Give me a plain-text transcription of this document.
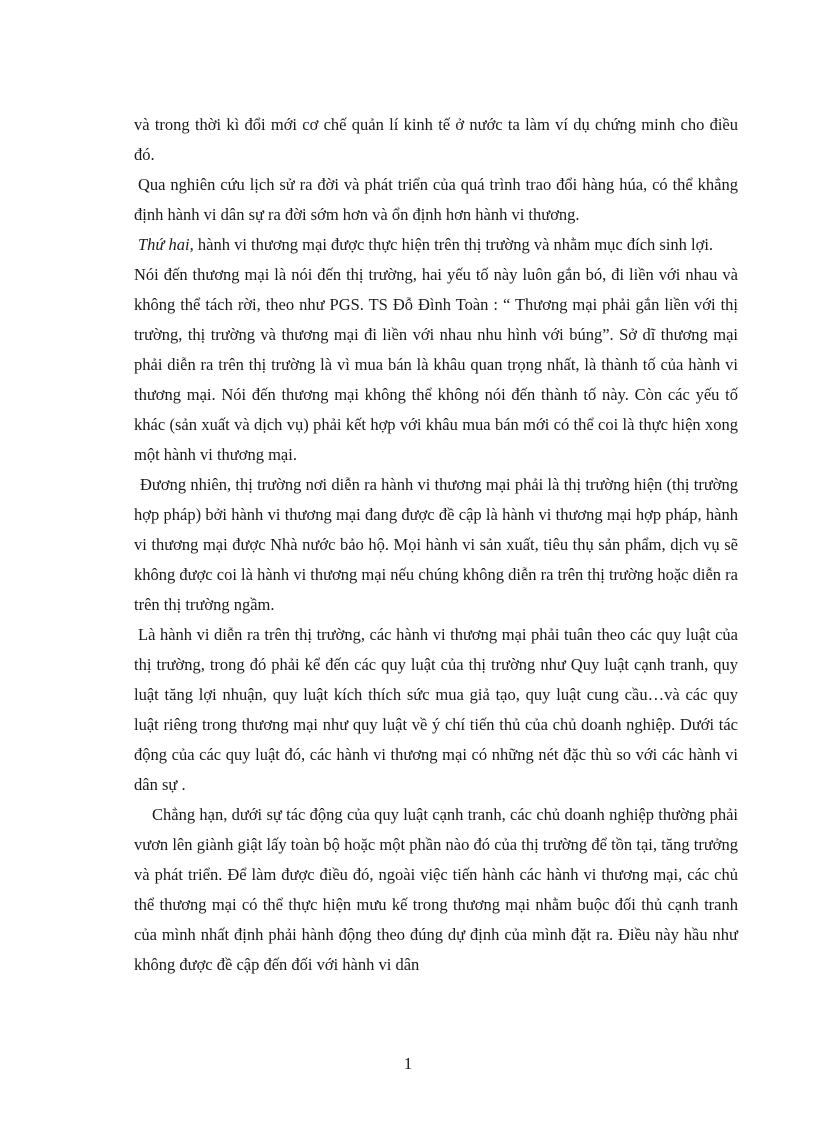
và trong thời kì đổi mới cơ chế quản lí kinh tế ở nước ta làm ví dụ chứng minh cho điều đó.

Qua nghiên cứu lịch sử ra đời và phát triển của quá trình trao đổi hàng húa, có thể khẳng định hành vi dân sự ra đời sớm hơn và ổn định hơn hành vi thương.

Thứ hai, hành vi thương mại được thực hiện trên thị trường và nhằm mục đích sinh lợi.

Nói đến thương mại là nói đến thị trường, hai yếu tố này luôn gắn bó, đi liền với nhau và không thể tách rời, theo như PGS. TS Đỗ Đình Toàn : “ Thương mại phải gắn liền với thị trường, thị trường và thương mại đi liền với nhau nhu hình với búng”. Sở dĩ thương mại phải diễn ra trên thị trường là vì mua bán là khâu quan trọng nhất, là thành tố của hành vi thương mại. Nói đến thương mại không thể không nói đến thành tố này. Còn các yếu tố khác (sản xuất và dịch vụ) phải kết hợp với khâu mua bán mới có thể coi là thực hiện xong một hành vi thương mại.

Đương nhiên, thị trường nơi diễn ra hành vi thương mại phải là thị trường hiện (thị trường hợp pháp) bởi hành vi thương mại đang được đề cập là hành vi thương mại hợp pháp, hành vi thương mại được Nhà nước bảo hộ. Mọi hành vi sản xuất, tiêu thụ sản phẩm, dịch vụ sẽ không được coi là hành vi thương mại nếu chúng không diễn ra trên thị trường hoặc diễn ra trên thị trường ngầm.

Là hành vi diễn ra trên thị trường, các hành vi thương mại phải tuân theo các quy luật của thị trường, trong đó phải kể đến các quy luật của thị trường như Quy luật cạnh tranh, quy luật tăng lợi nhuận, quy luật kích thích sức mua giả tạo, quy luật cung cầu…và các quy luật riêng trong thương mại như quy luật về ý chí tiến thủ của chủ doanh nghiệp. Dưới tác động của các quy luật đó, các hành vi thương mại có những nét đặc thù so với các hành vi dân sự .

Chẳng hạn, dưới sự tác động của quy luật cạnh tranh, các chủ doanh nghiệp thường phải vươn lên giành giật lấy toàn bộ hoặc một phần nào đó của thị trường để tồn tại, tăng trưởng và phát triển. Để làm được điều đó, ngoài việc tiến hành các hành vi thương mại, các chủ thể thương mại có thể thực hiện mưu kế trong thương mại nhằm buộc đối thủ cạnh tranh của mình nhất định phải hành động theo đúng dự định của mình đặt ra. Điều này hầu như không được đề cập đến đối với hành vi dân

1
